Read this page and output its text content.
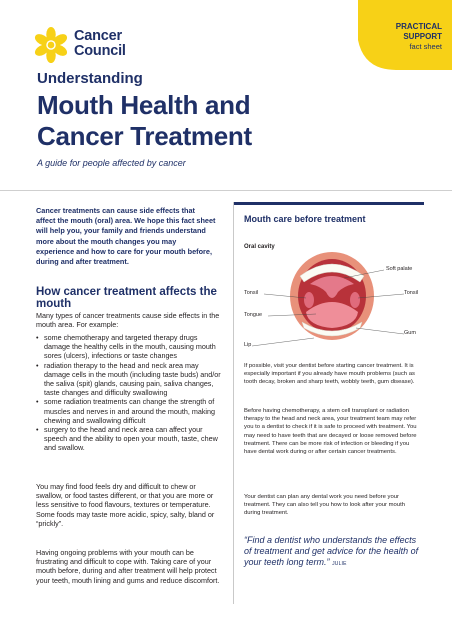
Cancer
Council
PRACTICAL
SUPPORT
fact sheet
Understanding
Mouth Health and
Cancer Treatment
A guide for people affected by cancer

Cancer treatments can cause side effects that affect the mouth (oral) area. We hope this fact sheet will help you, your family and friends understand more about the mouth changes you may experience and how to care for your mouth before, during and after treatment.

How cancer treatment affects the mouth

Many types of cancer treatments cause side effects in the mouth area. For example:

• some chemotherapy and targeted therapy drugs damage the healthy cells in the mouth, causing mouth sores (ulcers), infections or taste changes
• radiation therapy to the head and neck area may damage cells in the mouth (including taste buds) and/or the saliva (spit) glands, causing pain, saliva changes, taste changes and difficulty swallowing
• some radiation treatments can change the strength of muscles and nerves in and around the mouth, making chewing and swallowing difficult
• surgery to the head and neck area can affect your speech and the ability to open your mouth, taste, chew and swallow.

You may find food feels dry and difficult to chew or swallow, or food tastes different, or that you are more or less sensitive to food flavours, textures or temperature. Some foods may taste more acidic, spicy, salty, bland or “prickly”.

Having ongoing problems with your mouth can be frustrating and difficult to cope with. Taking care of your mouth before, during and after treatment will help protect your teeth, mouth lining and gums and reduce discomfort.

Mouth care before treatment
Oral cavity
Soft palate
Tonsil	Tonsil
Tongue
Gum
Lip

If possible, visit your dentist before starting cancer treatment. It is especially important if you already have mouth problems (such as tooth decay, broken and sharp teeth, wobbly teeth, gum disease).

Before having chemotherapy, a stem cell transplant or radiation therapy to the head and neck area, your treatment team may refer you to a dentist to check if it is safe to proceed with treatment. You may need to have teeth that are decayed or loose removed before treatment. There can be more risk of infection or bleeding if you have dental work during or after certain cancer treatments.

Your dentist can plan any dental work you need before your treatment. They can also tell you how to look after your mouth during treatment.

“Find a dentist who understands the effects of treatment and get advice for the health of your teeth long term.” JULIE
